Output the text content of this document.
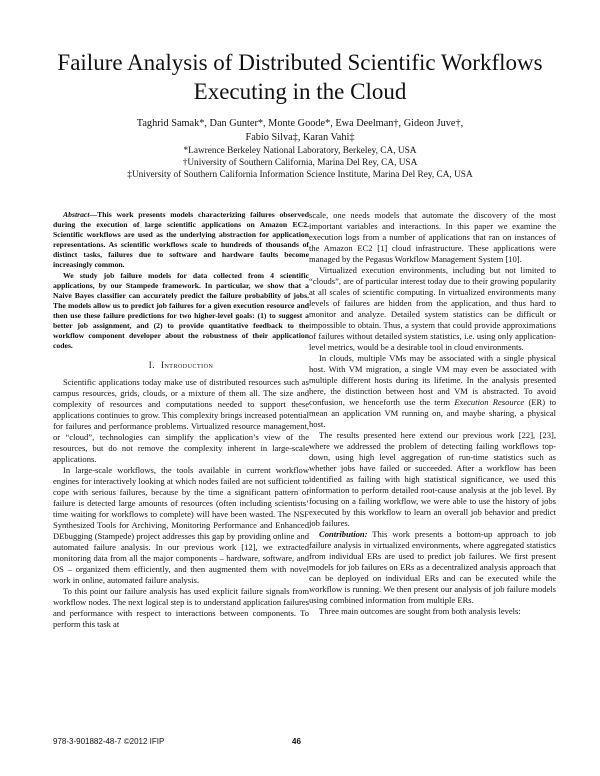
Failure Analysis of Distributed Scientific Workflows
Executing in the Cloud
Taghrid Samak*, Dan Gunter*, Monte Goode*, Ewa Deelman†, Gideon Juve†,
Fabio Silva‡, Karan Vahi‡
*Lawrence Berkeley National Laboratory, Berkeley, CA, USA
†University of Southern California, Marina Del Rey, CA, USA
‡University of Southern California Information Science Institute, Marina Del Rey, CA, USA

Abstract—This work presents models characterizing failures observed during the execution of large scientific applications on Amazon EC2. Scientific workflows are used as the underlying abstraction for application representations. As scientific workflows scale to hundreds of thousands of distinct tasks, failures due to software and hardware faults become increasingly common.

We study job failure models for data collected from 4 scientific applications, by our Stampede framework. In particular, we show that a Naive Bayes classifier can accurately predict the failure probability of jobs. The models allow us to predict job failures for a given execution resource and then use these failure predictions for two higher-level goals: (1) to suggest a better job assignment, and (2) to provide quantitative feedback to the workflow component developer about the robustness of their application codes.

I. Introduction

Scientific applications today make use of distributed resources such as campus resources, grids, clouds, or a mixture of them all. The size and complexity of resources and computations needed to support these applications continues to grow. This complexity brings increased potential for failures and performance problems. Virtualized resource management, or “cloud”, technologies can simplify the application’s view of the resources, but do not remove the complexity inherent in large-scale applications.

In large-scale workflows, the tools available in current workflow engines for interactively looking at which nodes failed are not sufficient to cope with serious failures, because by the time a significant pattern of failure is detected large amounts of resources (often including scientists’ time waiting for workflows to complete) will have been wasted. The NSF Synthesized Tools for Archiving, Monitoring Performance and Enhanced DEbugging (Stampede) project addresses this gap by providing online and automated failure analysis. In our previous work [12], we extracted monitoring data from all the major components – hardware, software, and OS – organized them efficiently, and then augmented them with novel work in online, automated failure analysis.

To this point our failure analysis has used explicit failure signals from workflow nodes. The next logical step is to understand application failures and performance with respect to interactions between components. To perform this task at

scale, one needs models that automate the discovery of the most important variables and interactions. In this paper we examine the execution logs from a number of applications that ran on instances of the Amazon EC2 [1] cloud infrastructure. These applications were managed by the Pegasus Workflow Management System [10].

Virtualized execution environments, including but not limited to “clouds”, are of particular interest today due to their growing popularity at all scales of scientific computing. In virtualized environments many levels of failures are hidden from the application, and thus hard to monitor and analyze. Detailed system statistics can be difficult or impossible to obtain. Thus, a system that could provide approximations of failures without detailed system statistics, i.e. using only application-level metrics, would be a desirable tool in cloud environments.

In clouds, multiple VMs may be associated with a single physical host. With VM migration, a single VM may even be associated with multiple different hosts during its lifetime. In the analysis presented here, the distinction between host and VM is abstracted. To avoid confusion, we henceforth use the term Execution Resource (ER) to mean an application VM running on, and maybe sharing, a physical host.

The results presented here extend our previous work [22], [23], where we addressed the problem of detecting failing workflows top-down, using high level aggregation of run-time statistics such as whether jobs have failed or succeeded. After a workflow has been identified as failing with high statistical significance, we used this information to perform detailed root-cause analysis at the job level. By focusing on a failing workflow, we were able to use the history of jobs executed by this workflow to learn an overall job behavior and predict job failures.

Contribution: This work presents a bottom-up approach to job failure analysis in virtualized environments, where aggregated statistics from individual ERs are used to predict job failures. We first present models for job failures on ERs as a decentralized analysis approach that can be deployed on individual ERs and can be executed while the workflow is running. We then present our analysis of job failure models using combined information from multiple ERs.

Three main outcomes are sought from both analysis levels:

978-3-901882-48-7 ©2012 IFIP	46
